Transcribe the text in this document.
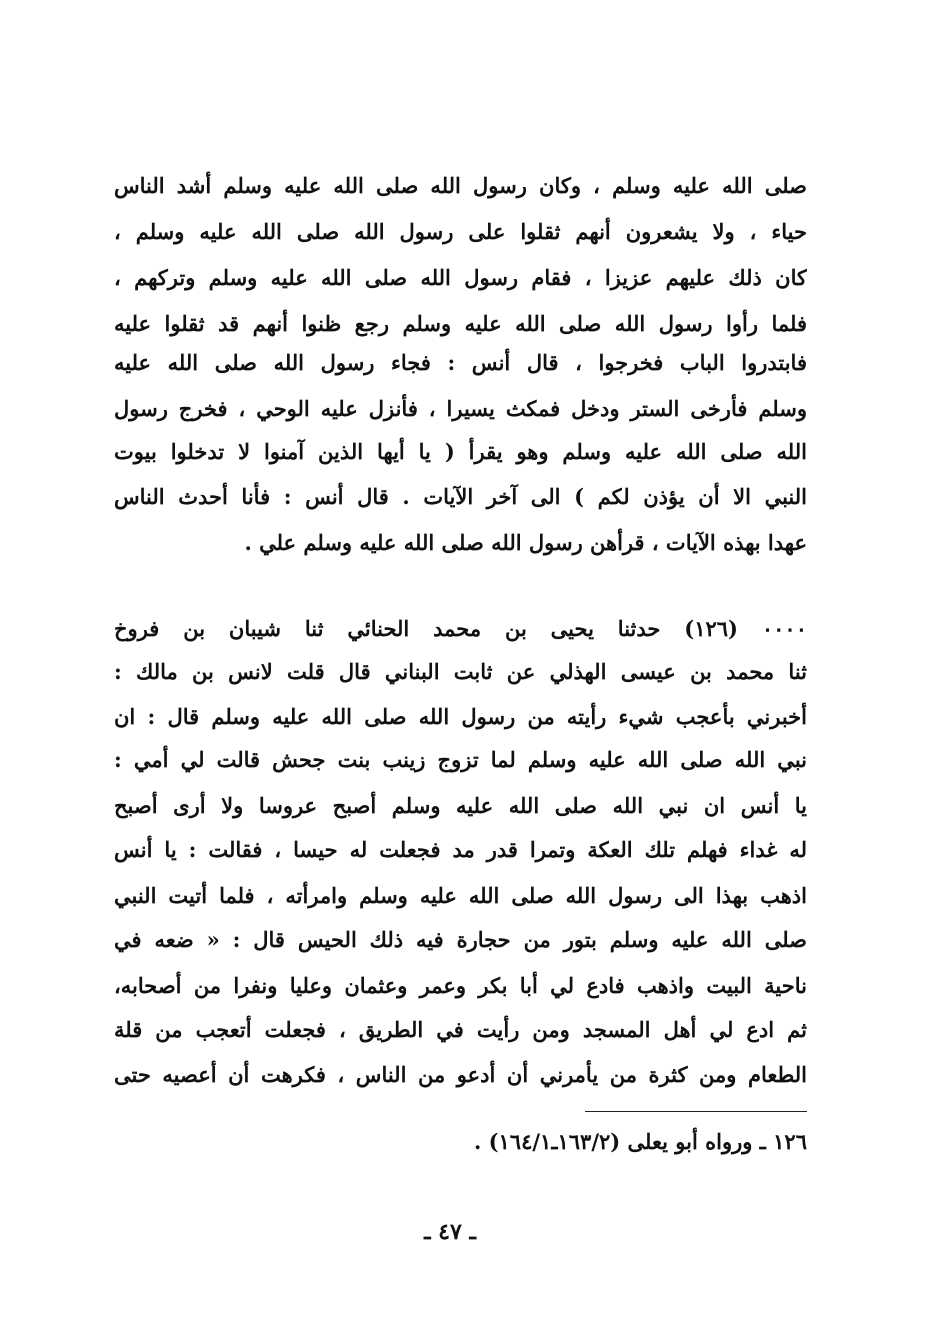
صلى الله عليه وسلم ، وكان رسول الله صلى الله عليه وسلم أشد الناس
حياء ، ولا يشعرون أنهم ثقلوا على رسول الله صلى الله عليه وسلم ،
كان ذلك عليهم عزيزا ، فقام رسول الله صلى الله عليه وسلم وتركهم ،
فلما رأوا رسول الله صلى الله عليه وسلم رجع ظنوا أنهم قد ثقلوا عليه
فابتدروا الباب فخرجوا ، قال أنس : فجاء رسول الله صلى الله عليه
وسلم فأرخى الستر ودخل فمكث يسيرا ، فأنزل عليه الوحي ، فخرج رسول
الله صلى الله عليه وسلم وهو يقرأ ( يا أيها الذين آمنوا لا تدخلوا بيوت
النبي الا أن يؤذن لكم ) الى آخر الآيات . قال أنس : فأنا أحدث الناس
عهدا بهذه الآيات ، قرأهن رسول الله صلى الله عليه وسلم علي .
٠٠٠٠ (١٢٦) حدثنا يحيى بن محمد الحنائي ثنا شيبان بن فروخ
ثنا محمد بن عيسى الهذلي عن ثابت البناني قال قلت لانس بن مالك :
أخبرني بأعجب شيء رأيته من رسول الله صلى الله عليه وسلم قال : ان
نبي الله صلى الله عليه وسلم لما تزوج زينب بنت جحش قالت لي أمي :
يا أنس ان نبي الله صلى الله عليه وسلم أصبح عروسا ولا أرى أصبح
له غداء فهلم تلك العكة وتمرا قدر مد فجعلت له حيسا ، فقالت : يا أنس
اذهب بهذا الى رسول الله صلى الله عليه وسلم وامرأته ، فلما أتيت النبي
صلى الله عليه وسلم بتور من حجارة فيه ذلك الحيس قال : « ضعه في
ناحية البيت واذهب فادع لي أبا بكر وعمر وعثمان وعليا ونفرا من أصحابه،
ثم ادع لي أهل المسجد ومن رأيت في الطريق ، فجعلت أتعجب من قلة
الطعام ومن كثرة من يأمرني أن أدعو من الناس ، فكرهت أن أعصيه حتى
١٢٦ ـ ورواه أبو يعلى (١٦٣/٢ـ١٦٤/١) .
ـ ٤٧ ـ
